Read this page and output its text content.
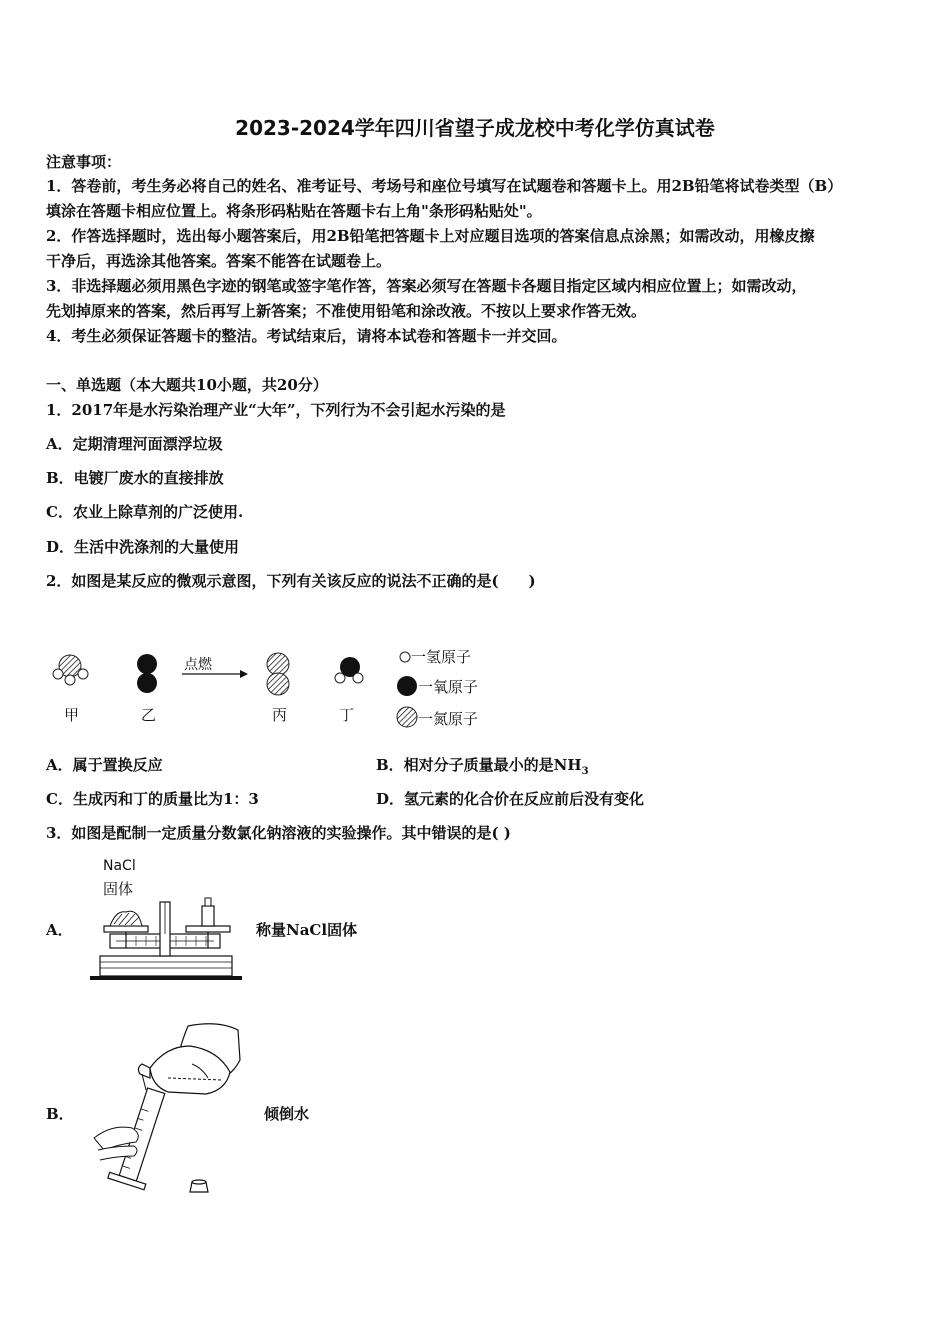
2023-2024学年四川省望子成龙校中考化学仿真试卷
注意事项：
1．答卷前，考生务必将自己的姓名、准考证号、考场号和座位号填写在试题卷和答题卡上。用2B铅笔将试卷类型（B）
填涂在答题卡相应位置上。将条形码粘贴在答题卡右上角"条形码粘贴处"。
2．作答选择题时，选出每小题答案后，用2B铅笔把答题卡上对应题目选项的答案信息点涂黑；如需改动，用橡皮擦
干净后，再选涂其他答案。答案不能答在试题卷上。
3．非选择题必须用黑色字迹的钢笔或签字笔作答，答案必须写在答题卡各题目指定区域内相应位置上；如需改动，
先划掉原来的答案，然后再写上新答案；不准使用铅笔和涂改液。不按以上要求作答无效。
4．考生必须保证答题卡的整洁。考试结束后，请将本试卷和答题卡一并交回。
一、单选题（本大题共10小题，共20分）
1．2017年是水污染治理产业“大年”，下列行为不会引起水污染的是
A．定期清理河面漂浮垃圾
B．电镀厂废水的直接排放
C．农业上除草剂的广泛使用.
D．生活中洗涤剂的大量使用
2．如图是某反应的微观示意图，下列有关该反应的说法不正确的是(　　)
点燃
甲	乙	丙	丁
一氢原子
一氧原子
一氮原子
A．属于置换反应	B．相对分子质量最小的是$NH_3$
C．生成丙和丁的质量比为1：3	D．氢元素的化合价在反应前后没有变化
3．如图是配制一定质量分数氯化钠溶液的实验操作。其中错误的是( )
A．
NaCl
固体
称量NaCl固体
B．	倾倒水
